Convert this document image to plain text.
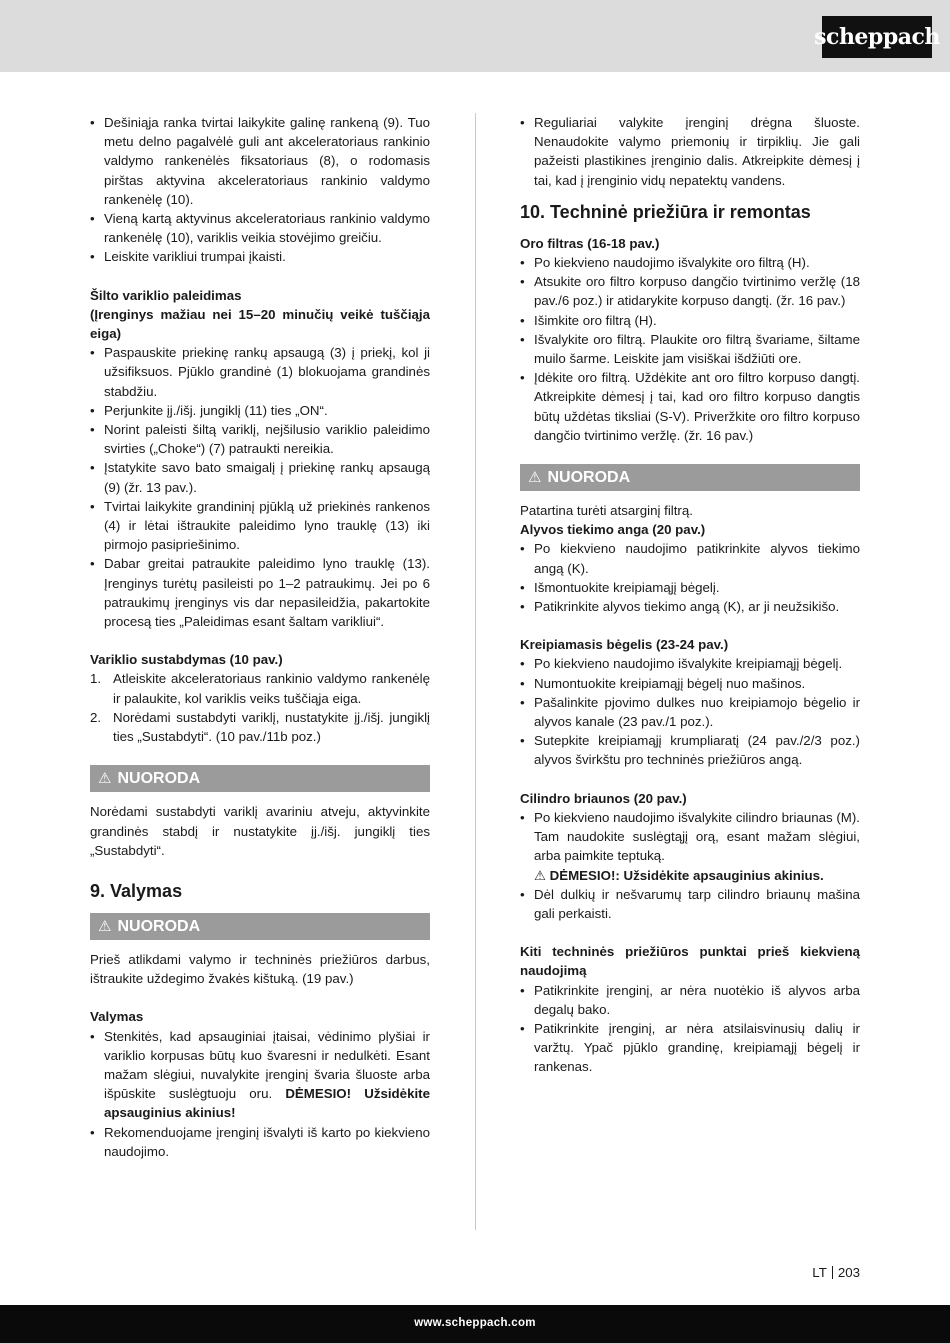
scheppach
• Dešiniąja ranka tvirtai laikykite galinę rankeną (9). Tuo metu delno pagalvėlė guli ant akceleratoriaus rankinio valdymo rankenėlės fiksatoriaus (8), o rodomasis pirštas aktyvina akceleratoriaus rankinio valdymo rankenėlę (10).
• Vieną kartą aktyvinus akceleratoriaus rankinio valdymo rankenėlę (10), variklis veikia stovėjimo greičiu.
• Leiskite varikliui trumpai įkaisti.

Šilto variklio paleidimas

(Įrenginys mažiau nei 15–20 minučių veikė tuščiąja eiga)

• Paspauskite priekinę rankų apsaugą (3) į priekį, kol ji užsifiksuos. Pjūklo grandinė (1) blokuojama grandinės stabdžiu.
• Perjunkite įj./išj. jungiklį (11) ties „ON“.
• Norint paleisti šiltą variklį, nejšilusio variklio paleidimo svirties („Choke“) (7) patraukti nereikia.
• Įstatykite savo bato smaigalį į priekinę rankų apsaugą (9) (žr. 13 pav.).
• Tvirtai laikykite grandininį pjūklą už priekinės rankenos (4) ir lėtai ištraukite paleidimo lyno trauklę (13) iki pirmojo pasipriešinimo.
• Dabar greitai patraukite paleidimo lyno trauklę (13). Įrenginys turėtų pasileisti po 1–2 patraukimų. Jei po 6 patraukimų įrenginys vis dar nepasileidžia, pakartokite procesą ties „Paleidimas esant šaltam varikliui“.

Variklio sustabdymas (10 pav.)

1. Atleiskite akceleratoriaus rankinio valdymo rankenėlę ir palaukite, kol variklis veiks tuščiąja eiga.
2. Norėdami sustabdyti variklį, nustatykite įj./išj. jungiklį ties „Sustabdyti“. (10 pav./11b poz.)
⚠ NUORODA

Norėdami sustabdyti variklį avariniu atveju, aktyvinkite grandinės stabdį ir nustatykite įj./išj. jungiklį ties „Sustabdyti“.

9. Valymas

⚠ NUORODA

Prieš atlikdami valymo ir techninės priežiūros darbus, ištraukite uždegimo žvakės kištuką. (19 pav.)

Valymas

• Stenkitės, kad apsauginiai įtaisai, vėdinimo plyšiai ir variklio korpusas būtų kuo švaresni ir nedulkėti. Esant mažam slėgiui, nuvalykite įrenginį švaria šluoste arba išpūskite suslėgtuoju oru. DĖMESIO! Užsidėkite apsauginius akinius!
• Rekomenduojame įrenginį išvalyti iš karto po kiekvieno naudojimo.
• Reguliariai valykite įrenginį drėgna šluoste. Nenaudokite valymo priemonių ir tirpiklių. Jie gali pažeisti plastikines įrenginio dalis. Atkreipkite dėmesį į tai, kad į įrenginio vidų nepatektų vandens.

10. Techninė priežiūra ir remontas

Oro filtras (16-18 pav.)

• Po kiekvieno naudojimo išvalykite oro filtrą (H).
• Atsukite oro filtro korpuso dangčio tvirtinimo veržlę (18 pav./6 poz.) ir atidarykite korpuso dangtį. (žr. 16 pav.)
• Išimkite oro filtrą (H).
• Išvalykite oro filtrą. Plaukite oro filtrą švariame, šiltame muilo šarme. Leiskite jam visiškai išdžiūti ore.
• Įdėkite oro filtrą. Uždėkite ant oro filtro korpuso dangtį. Atkreipkite dėmesį į tai, kad oro filtro korpuso dangtis būtų uždėtas tiksliai (S-V). Priveržkite oro filtro korpuso dangčio tvirtinimo veržlę. (žr. 16 pav.)
⚠ NUORODA

Patartina turėti atsarginį filtrą.

Alyvos tiekimo anga (20 pav.)

• Po kiekvieno naudojimo patikrinkite alyvos tiekimo angą (K).
• Išmontuokite kreipiamąjį bėgelį.
• Patikrinkite alyvos tiekimo angą (K), ar ji neužsikišo.

Kreipiamasis bėgelis (23-24 pav.)

• Po kiekvieno naudojimo išvalykite kreipiamąjį bėgelį.
• Numontuokite kreipiamąjį bėgelį nuo mašinos.
• Pašalinkite pjovimo dulkes nuo kreipiamojo bėgelio ir alyvos kanale (23 pav./1 poz.).
• Sutepkite kreipiamąjį krumpliaratį (24 pav./2/3 poz.) alyvos švirkštu pro techninės priežiūros angą.

Cilindro briaunos (20 pav.)

• Po kiekvieno naudojimo išvalykite cilindro briaunas (M). Tam naudokite suslėgtąjį orą, esant mažam slėgiui, arba paimkite teptuką.
⚠ DĖMESIO!: Užsidėkite apsauginius akinius.
• Dėl dulkių ir nešvarumų tarp cilindro briaunų mašina gali perkaisti.

Kiti techninės priežiūros punktai prieš kiekvieną naudojimą

• Patikrinkite įrenginį, ar nėra nuotėkio iš alyvos arba degalų bako.
• Patikrinkite įrenginį, ar nėra atsilaisvinusių dalių ir varžtų. Ypač pjūklo grandinę, kreipiamąjį bėgelį ir rankenas.
LT 203
www.scheppach.com
